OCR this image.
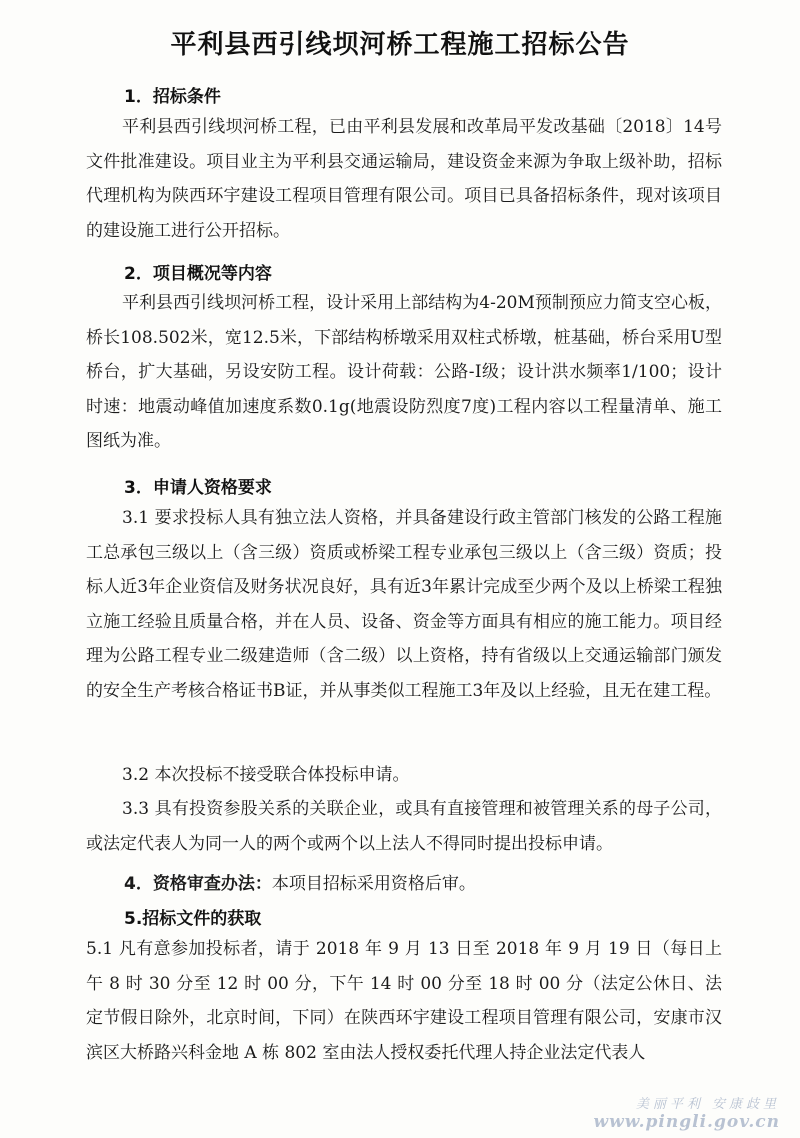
平利县西引线坝河桥工程施工招标公告
1．招标条件

平利县西引线坝河桥工程，已由平利县发展和改革局平发改基础〔2018〕14号文件批准建设。项目业主为平利县交通运输局，建设资金来源为争取上级补助，招标代理机构为陕西环宇建设工程项目管理有限公司。项目已具备招标条件，现对该项目的建设施工进行公开招标。

2．项目概况等内容

平利县西引线坝河桥工程，设计采用上部结构为4-20M预制预应力简支空心板，桥长108.502米，宽12.5米，下部结构桥墩采用双柱式桥墩，桩基础，桥台采用U型桥台，扩大基础，另设安防工程。设计荷载：公路-Ⅰ级；设计洪水频率1/100；设计时速：地震动峰值加速度系数0.1g(地震设防烈度7度)工程内容以工程量清单、施工图纸为准。

3．申请人资格要求

3.1 要求投标人具有独立法人资格，并具备建设行政主管部门核发的公路工程施工总承包三级以上（含三级）资质或桥梁工程专业承包三级以上（含三级）资质；投标人近3年企业资信及财务状况良好，具有近3年累计完成至少两个及以上桥梁工程独立施工经验且质量合格，并在人员、设备、资金等方面具有相应的施工能力。项目经理为公路工程专业二级建造师（含二级）以上资格，持有省级以上交通运输部门颁发的安全生产考核合格证书B证，并从事类似工程施工3年及以上经验，且无在建工程。

3.2 本次投标不接受联合体投标申请。

3.3 具有投资参股关系的关联企业，或具有直接管理和被管理关系的母子公司，或法定代表人为同一人的两个或两个以上法人不得同时提出投标申请。

4．资格审查办法：本项目招标采用资格后审。
5.招标文件的获取

5.1 凡有意参加投标者，请于 2018 年 9 月 13 日至 2018 年 9 月 19 日（每日上午 8 时 30 分至 12 时 00 分，下午 14 时 00 分至 18 时 00 分（法定公休日、法定节假日除外，北京时间，下同）在陕西环宇建设工程项目管理有限公司，安康市汉滨区大桥路兴科金地 A 栋 802 室由法人授权委托代理人持企业法定代表人

美丽平利 安康歧里
www.pingli.gov.cn
